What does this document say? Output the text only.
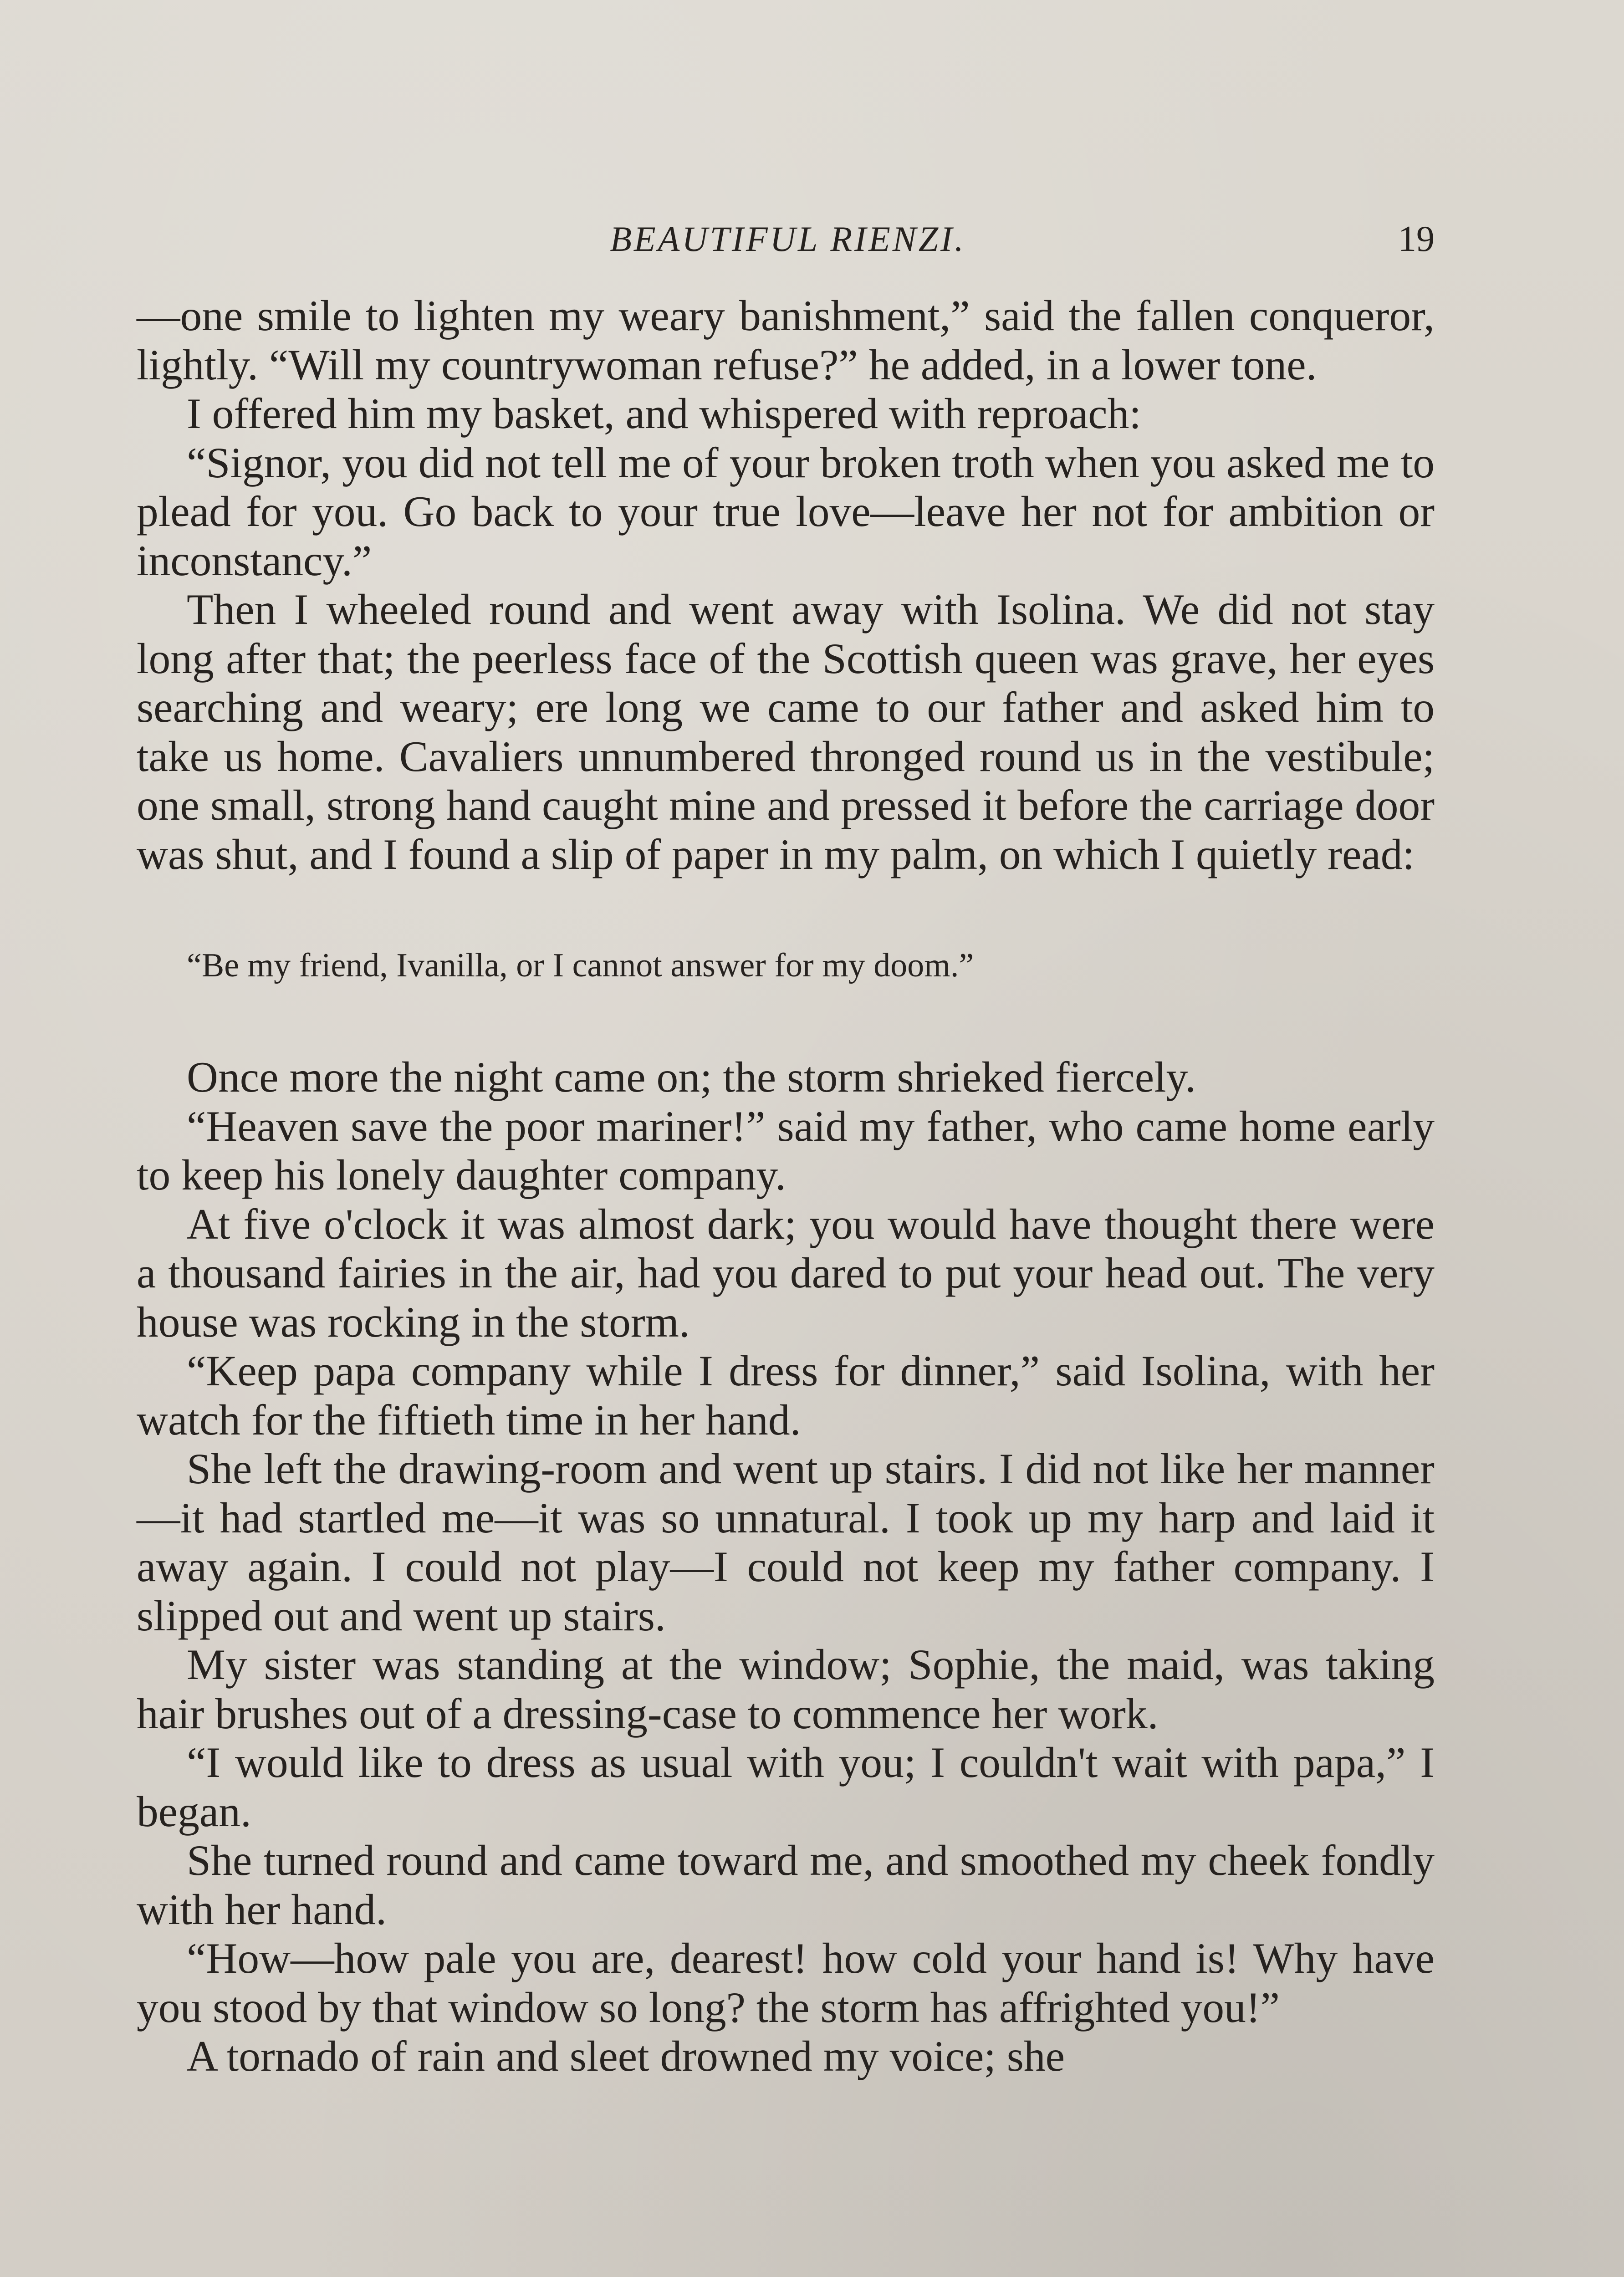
BEAUTIFUL RIENZI.	19

—one smile to lighten my weary banishment,” said the fallen conqueror, lightly. “Will my countrywoman refuse?” he added, in a lower tone.

I offered him my basket, and whispered with reproach:

“Signor, you did not tell me of your broken troth when you asked me to plead for you. Go back to your true love—leave her not for ambition or inconstancy.”

Then I wheeled round and went away with Isolina. We did not stay long after that; the peerless face of the Scottish queen was grave, her eyes searching and weary; ere long we came to our father and asked him to take us home. Cavaliers unnumbered thronged round us in the vestibule; one small, strong hand caught mine and pressed it before the carriage door was shut, and I found a slip of paper in my palm, on which I quietly read:

“Be my friend, Ivanilla, or I cannot answer for my doom.”

Once more the night came on; the storm shrieked fiercely.

“Heaven save the poor mariner!” said my father, who came home early to keep his lonely daughter company.

At five o'clock it was almost dark; you would have thought there were a thousand fairies in the air, had you dared to put your head out. The very house was rocking in the storm.

“Keep papa company while I dress for dinner,” said Isolina, with her watch for the fiftieth time in her hand.

She left the drawing-room and went up stairs. I did not like her manner—it had startled me—it was so unnatural. I took up my harp and laid it away again. I could not play—I could not keep my father company. I slipped out and went up stairs.

My sister was standing at the window; Sophie, the maid, was taking hair brushes out of a dressing-case to commence her work.

“I would like to dress as usual with you; I couldn't wait with papa,” I began.

She turned round and came toward me, and smoothed my cheek fondly with her hand.

“How—how pale you are, dearest! how cold your hand is! Why have you stood by that window so long? the storm has affrighted you!”

A tornado of rain and sleet drowned my voice; she
